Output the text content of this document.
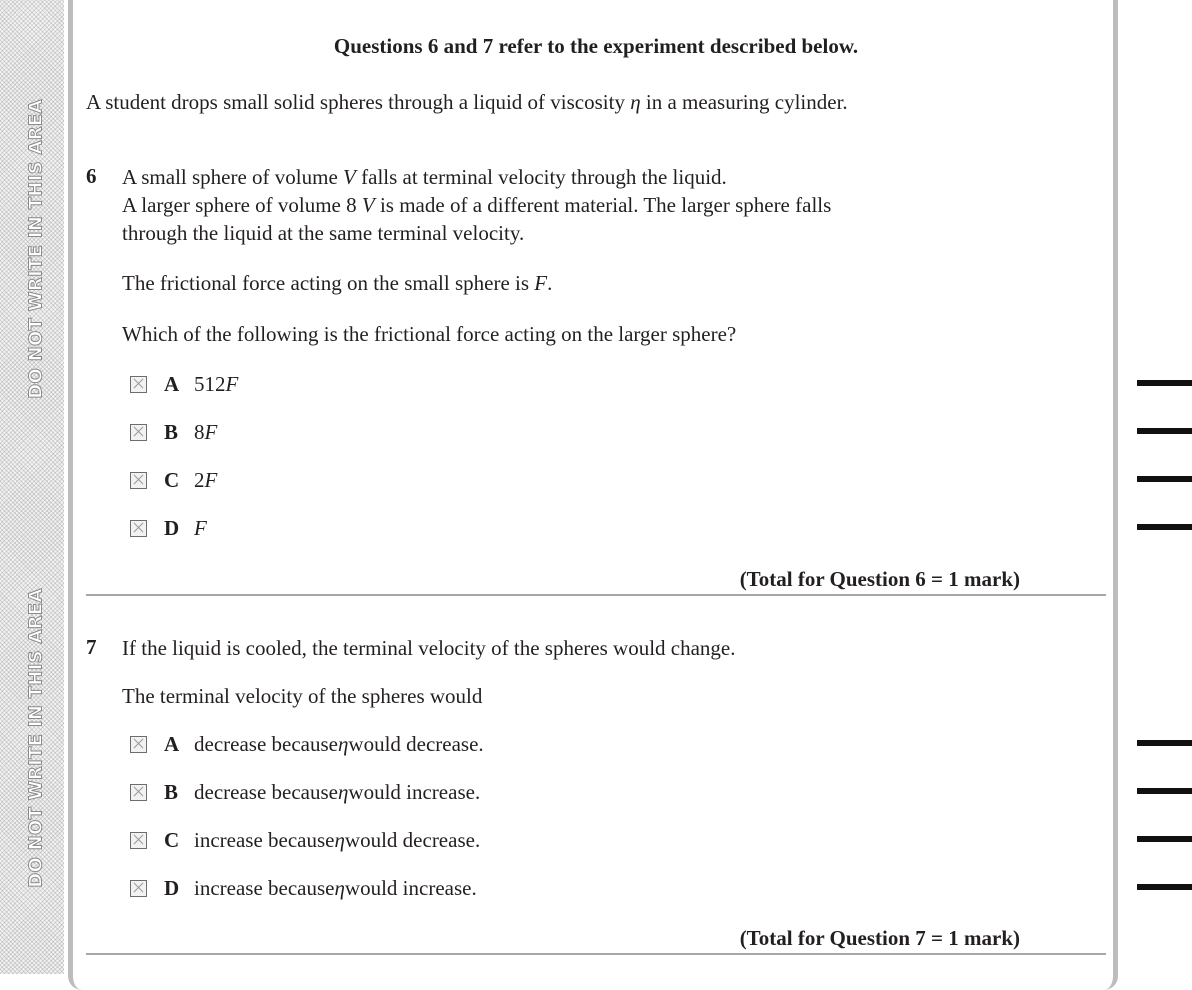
DO NOT WRITE IN THIS AREA
DO NOT WRITE IN THIS AREA
Questions 6 and 7 refer to the experiment described below.
A student drops small solid spheres through a liquid of viscosity η in a measuring cylinder.
6 A small sphere of volume V falls at terminal velocity through the liquid.
A larger sphere of volume 8 V is made of a different material. The larger sphere falls
through the liquid at the same terminal velocity.
The frictional force acting on the small sphere is F.
Which of the following is the frictional force acting on the larger sphere?
A 512 F
B 8 F
C 2 F
D F
(Total for Question 6 = 1 mark)
7 If the liquid is cooled, the terminal velocity of the spheres would change.
The terminal velocity of the spheres would
A decrease because η would decrease.
B decrease because η would increase.
C increase because η would decrease.
D increase because η would increase.
(Total for Question 7 = 1 mark)
